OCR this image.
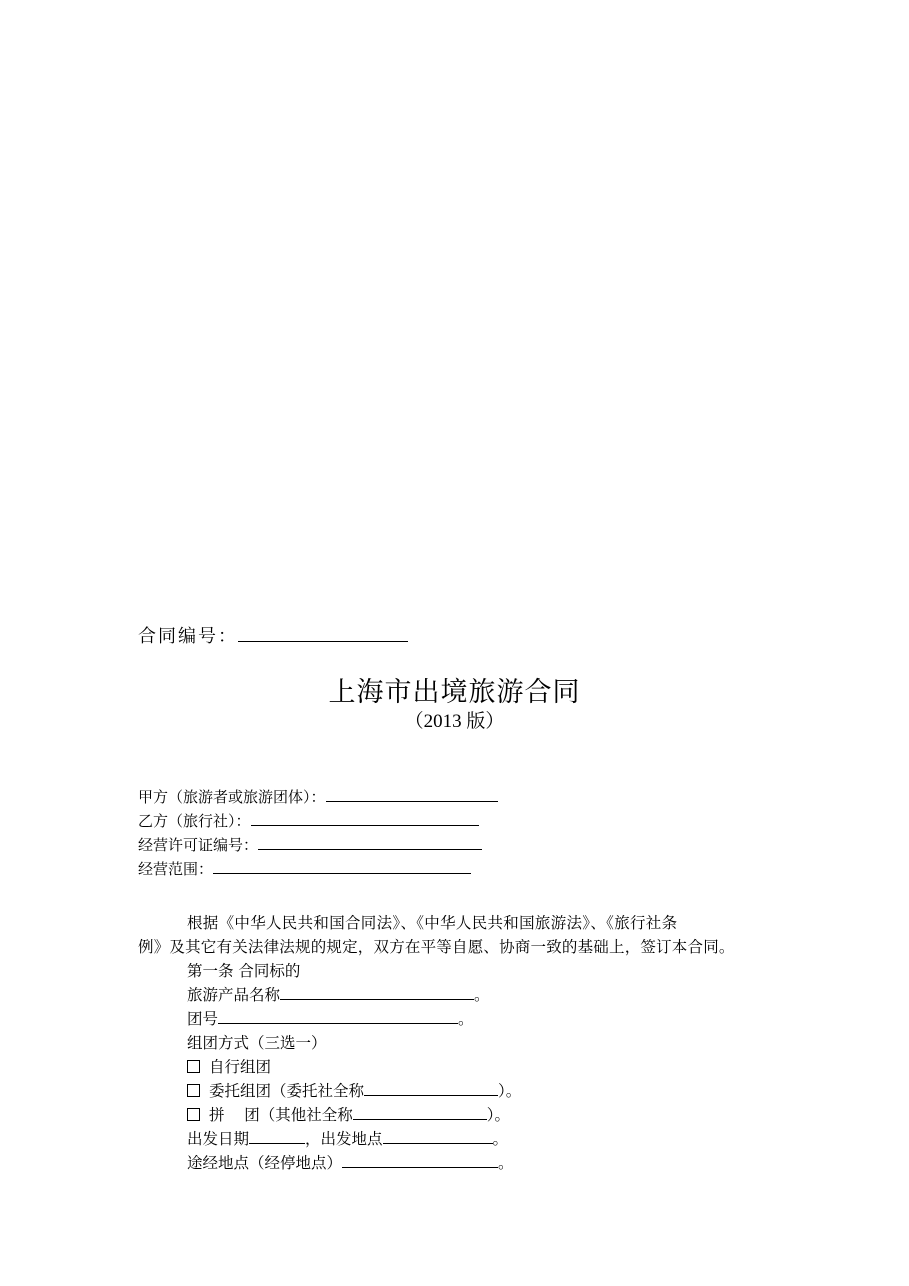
合同编号：
上海市出境旅游合同
（2013 版）
甲方（旅游者或旅游团体）：
乙方（旅行社）：
经营许可证编号：
经营范围：
根据《中华人民共和国合同法》、《中华人民共和国旅游法》、《旅行社条
例》及其它有关法律法规的规定，双方在平等自愿、协商一致的基础上，签订本合同。
第一条 合同标的
旅游产品名称	。
团号	。
组团方式（三选一）
自行组团
委托组团（委托社全称	）。
拼    团（其他社全称	）。
出发日期	，出发地点	。
途经地点（经停地点）	。
